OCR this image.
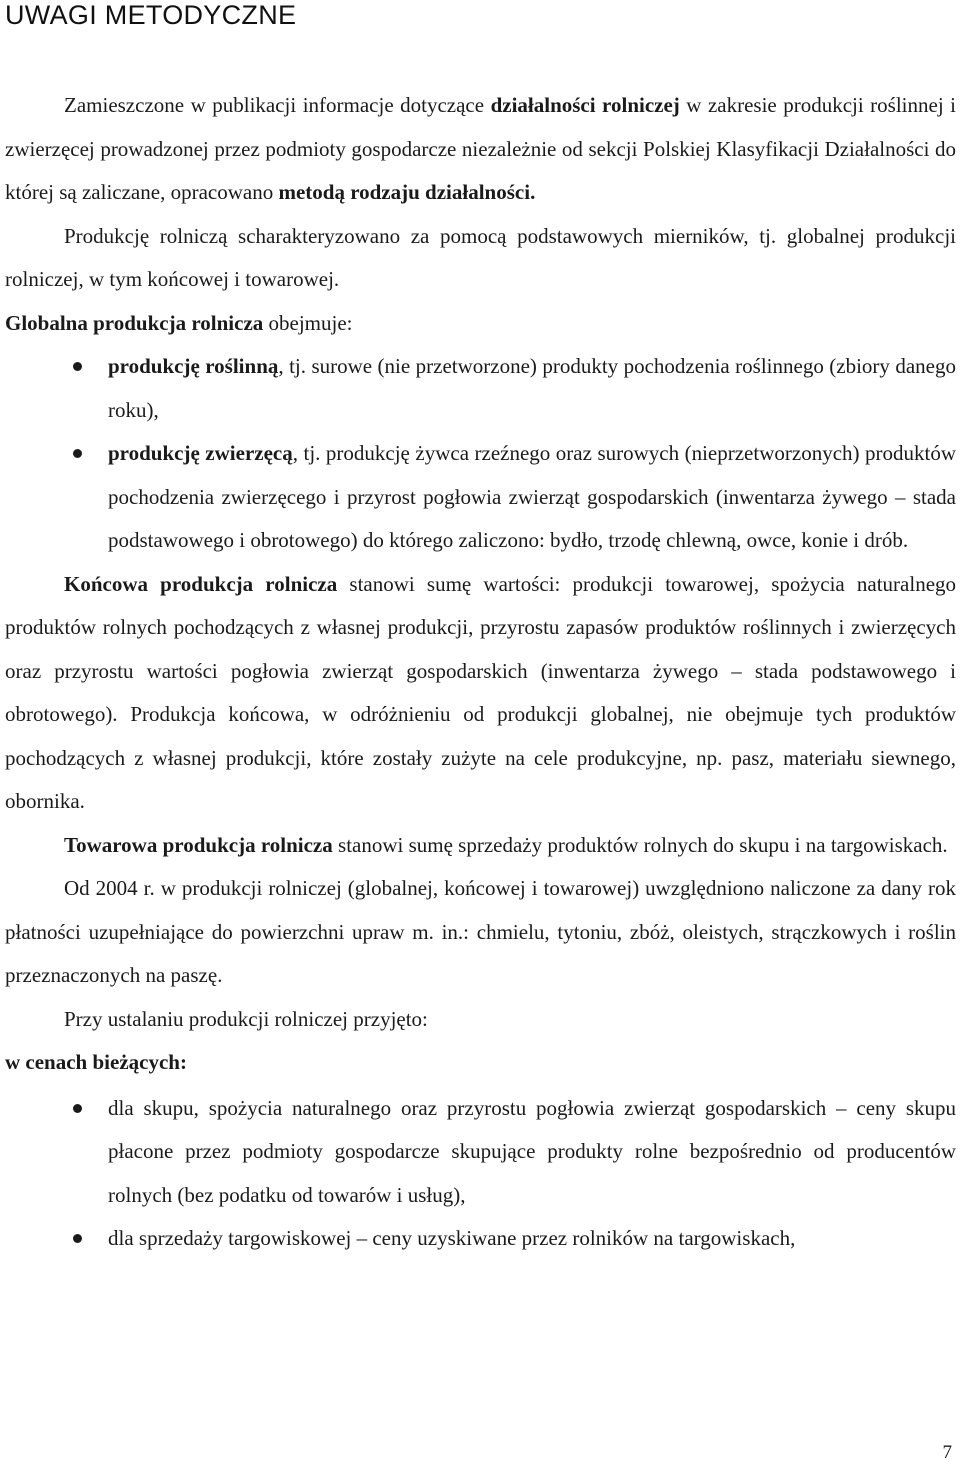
UWAGI METODYCZNE

Zamieszczone w publikacji informacje dotyczące działalności rolniczej w zakresie produkcji roślinnej i zwierzęcej prowadzonej przez podmioty gospodarcze niezależnie od sekcji Polskiej Klasyfikacji Działalności do której są zaliczane, opracowano metodą rodzaju działalności.

Produkcję rolniczą scharakteryzowano za pomocą podstawowych mierników, tj. globalnej produkcji rolniczej, w tym końcowej i towarowej.

Globalna produkcja rolnicza obejmuje:

produkcję roślinną, tj. surowe (nie przetworzone) produkty pochodzenia roślinnego (zbiory danego roku),
produkcję zwierzęcą, tj. produkcję żywca rzeźnego oraz surowych (nieprzetworzonych) produktów pochodzenia zwierzęcego i przyrost pogłowia zwierząt gospodarskich (inwentarza żywego – stada podstawowego i obrotowego) do którego zaliczono: bydło, trzodę chlewną, owce, konie i drób.

Końcowa produkcja rolnicza stanowi sumę wartości: produkcji towarowej, spożycia naturalnego produktów rolnych pochodzących z własnej produkcji, przyrostu zapasów produktów roślinnych i zwierzęcych oraz przyrostu wartości pogłowia zwierząt gospodarskich (inwentarza żywego – stada podstawowego i obrotowego). Produkcja końcowa, w odróżnieniu od produkcji globalnej, nie obejmuje tych produktów pochodzących z własnej produkcji, które zostały zużyte na cele produkcyjne, np. pasz, materiału siewnego, obornika.

Towarowa produkcja rolnicza stanowi sumę sprzedaży produktów rolnych do skupu i na targowiskach.

Od 2004 r. w produkcji rolniczej (globalnej, końcowej i towarowej) uwzględniono naliczone za dany rok płatności uzupełniające do powierzchni upraw m. in.: chmielu, tytoniu, zbóż, oleistych, strączkowych i roślin przeznaczonych na paszę.

Przy ustalaniu produkcji rolniczej przyjęto:

w cenach bieżących:

dla skupu, spożycia naturalnego oraz przyrostu pogłowia zwierząt gospodarskich – ceny skupu płacone przez podmioty gospodarcze skupujące produkty rolne bezpośrednio od producentów rolnych (bez podatku od towarów i usług),
dla sprzedaży targowiskowej – ceny uzyskiwane przez rolników na targowiskach,
7
